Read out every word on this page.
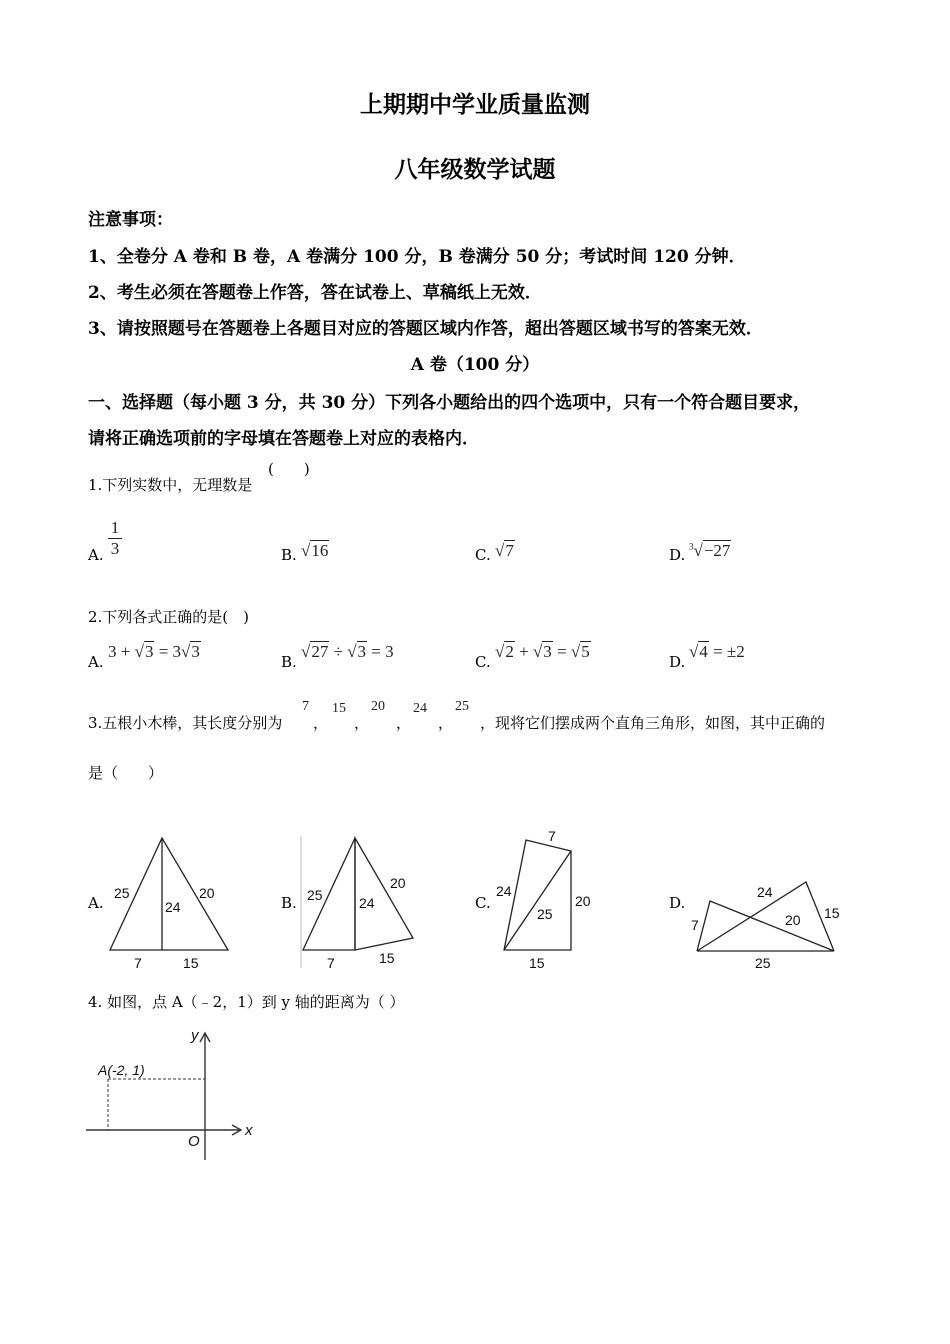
上期期中学业质量监测
八年级数学试题
注意事项：
1、全卷分 A 卷和 B 卷，A 卷满分 100 分，B 卷满分 50 分；考试时间 120 分钟．
2、考生必须在答题卷上作答，答在试卷上、草稿纸上无效．
3、请按照题号在答题卷上各题目对应的答题区域内作答，超出答题区域书写的答案无效．
A 卷（100 分）
一、选择题（每小题 3 分，共 30 分）下列各小题给出的四个选项中，只有一个符合题目要求，
请将正确选项前的字母填在答题卷上对应的表格内．
1.下列实数中，无理数是
(　　)
A. $\frac{1}{3}$	B. √16	C. √7	D. $^3$√−27
2.下列各式正确的是(　)
A.
3 + √3 = 3√3
B.
√27 ÷ √3 = 3
C.
√2 + √3 = √5
D.
√4 = ±2
3.五根小木棒，其长度分别为
7
，
15
，
20
，
24
，
25
，现将它们摆成两个直角三角形，如图，其中正确的
是（　　）
A.	B.	C.	D.
25
24
20
7	15
25	24
20
7	15
7
24
25
20
15
24
7	20 15
25
4. 如图，点 A（﹣2，1）到 y 轴的距离为（ ）
y
x
O
A(-2, 1)
